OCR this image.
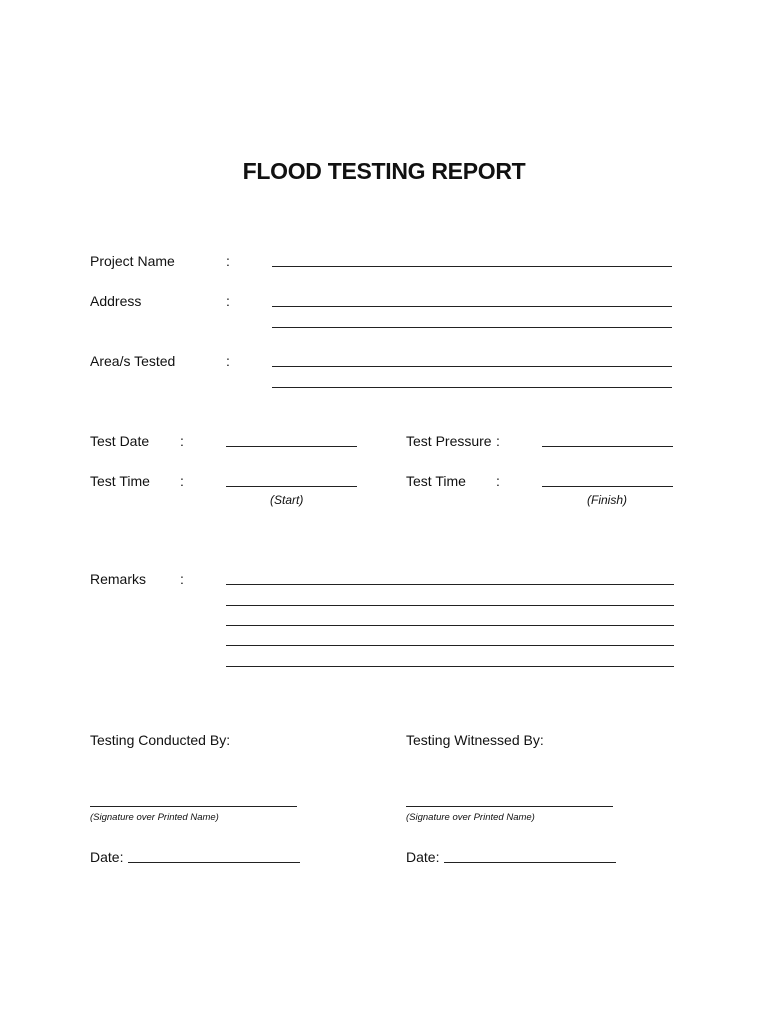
FLOOD TESTING REPORT
Project Name	:
Address	:
Area/s Tested	:
Test Date :	Test Pressure :
Test Time :
(Start)
Test Time :
(Finish)
Remarks :
Testing Conducted By:
(Signature over Printed Name)
Date:
Testing Witnessed By:
(Signature over Printed Name)
Date:
